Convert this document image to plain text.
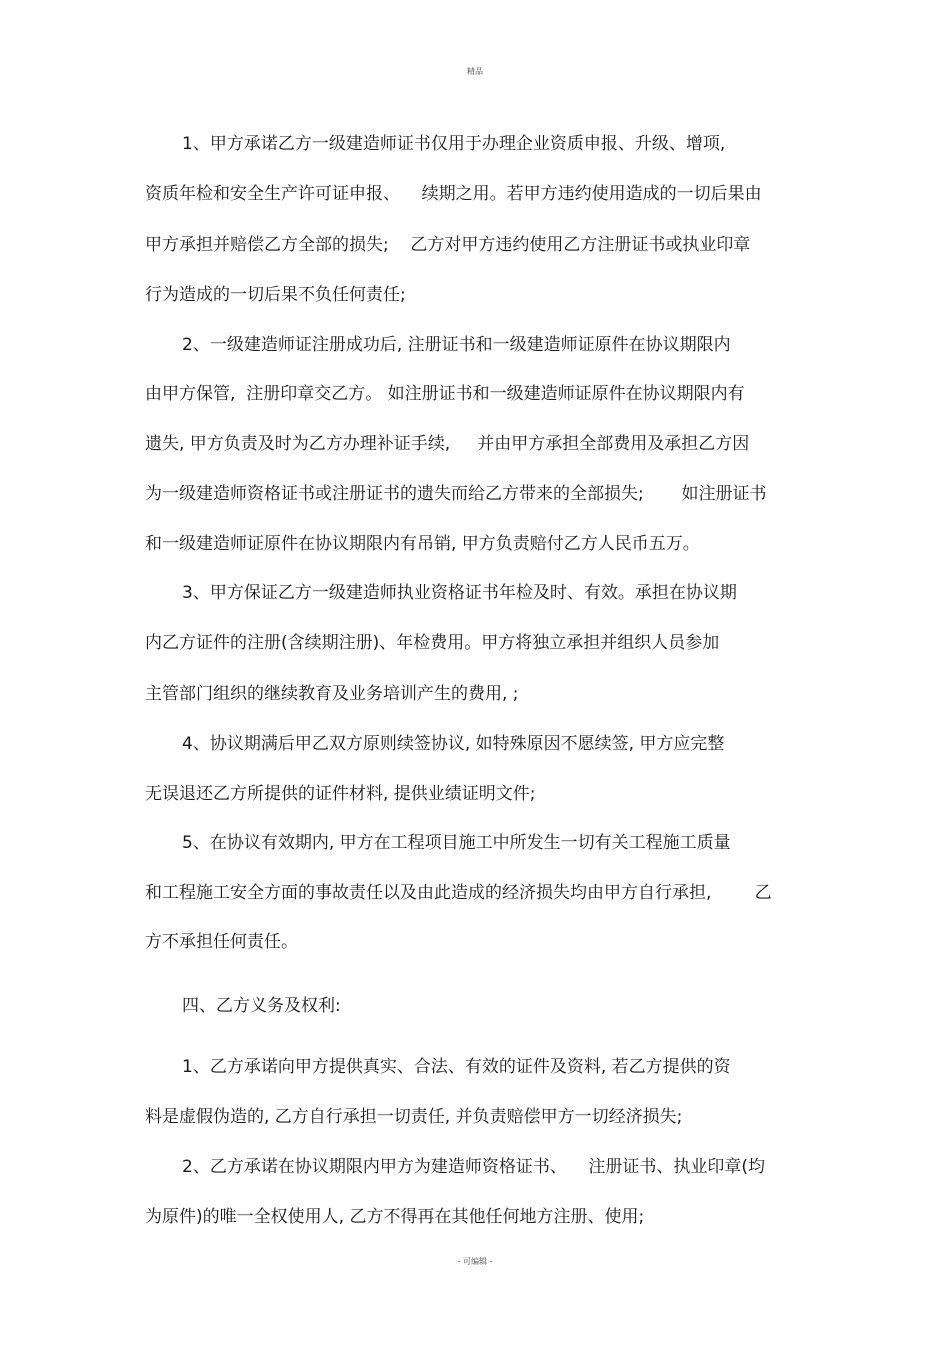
精品
1、甲方承诺乙方一级建造师证书仅用于办理企业资质申报、升级、增项,
资质年检和安全生产许可证申报、    续期之用。若甲方违约使用造成的一切后果由
甲方承担并赔偿乙方全部的损失;    乙方对甲方违约使用乙方注册证书或执业印章
行为造成的一切后果不负任何责任;
2、一级建造师证注册成功后, 注册证书和一级建造师证原件在协议期限内
由甲方保管,  注册印章交乙方。 如注册证书和一级建造师证原件在协议期限内有
遗失, 甲方负责及时为乙方办理补证手续,     并由甲方承担全部费用及承担乙方因
为一级建造师资格证书或注册证书的遗失而给乙方带来的全部损失;       如注册证书
和一级建造师证原件在协议期限内有吊销, 甲方负责赔付乙方人民币五万。
3、甲方保证乙方一级建造师执业资格证书年检及时、有效。承担在协议期
内乙方证件的注册(含续期注册)、年检费用。甲方将独立承担并组织人员参加
主管部门组织的继续教育及业务培训产生的费用, ;
4、协议期满后甲乙双方原则续签协议, 如特殊原因不愿续签, 甲方应完整
无误退还乙方所提供的证件材料, 提供业绩证明文件;
5、在协议有效期内, 甲方在工程项目施工中所发生一切有关工程施工质量
和工程施工安全方面的事故责任以及由此造成的经济损失均由甲方自行承担,        乙
方不承担任何责任。
四、乙方义务及权利:
1、乙方承诺向甲方提供真实、合法、有效的证件及资料, 若乙方提供的资
料是虚假伪造的, 乙方自行承担一切责任, 并负责赔偿甲方一切经济损失;
2、乙方承诺在协议期限内甲方为建造师资格证书、    注册证书、执业印章(均
为原件)的唯一全权使用人, 乙方不得再在其他任何地方注册、使用;
- 可编辑 -
